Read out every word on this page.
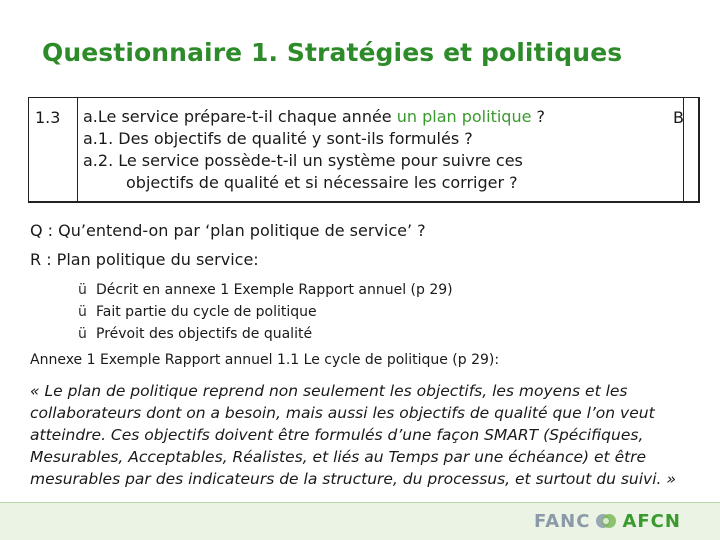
Questionnaire 1. Stratégies et politiques
1.3 a.Le service prépare-t-il chaque année un plan politique ?
a.1. Des objectifs de qualité y sont-ils formulés ?
a.2. Le service possède-t-il un système pour suivre ces
objectifs de qualité et si nécessaire les corriger ?
B
Q : Qu’entend-on par ‘plan politique de service’ ?
R : Plan politique du service:
ü Décrit en annexe 1 Exemple Rapport annuel (p 29)
ü Fait partie du cycle de politique
ü Prévoit des objectifs de qualité
Annexe 1 Exemple Rapport annuel 1.1 Le cycle de politique (p 29):
« Le plan de politique reprend non seulement les objectifs, les moyens et les
collaborateurs dont on a besoin, mais aussi les objectifs de qualité que l’on veut
atteindre. Ces objectifs doivent être formulés d’une façon SMART (Spécifiques,
Mesurables, Acceptables, Réalistes, et liés au Temps par une échéance) et être
mesurables par des indicateurs de la structure, du processus, et surtout du suivi. »
FANC AFCN
